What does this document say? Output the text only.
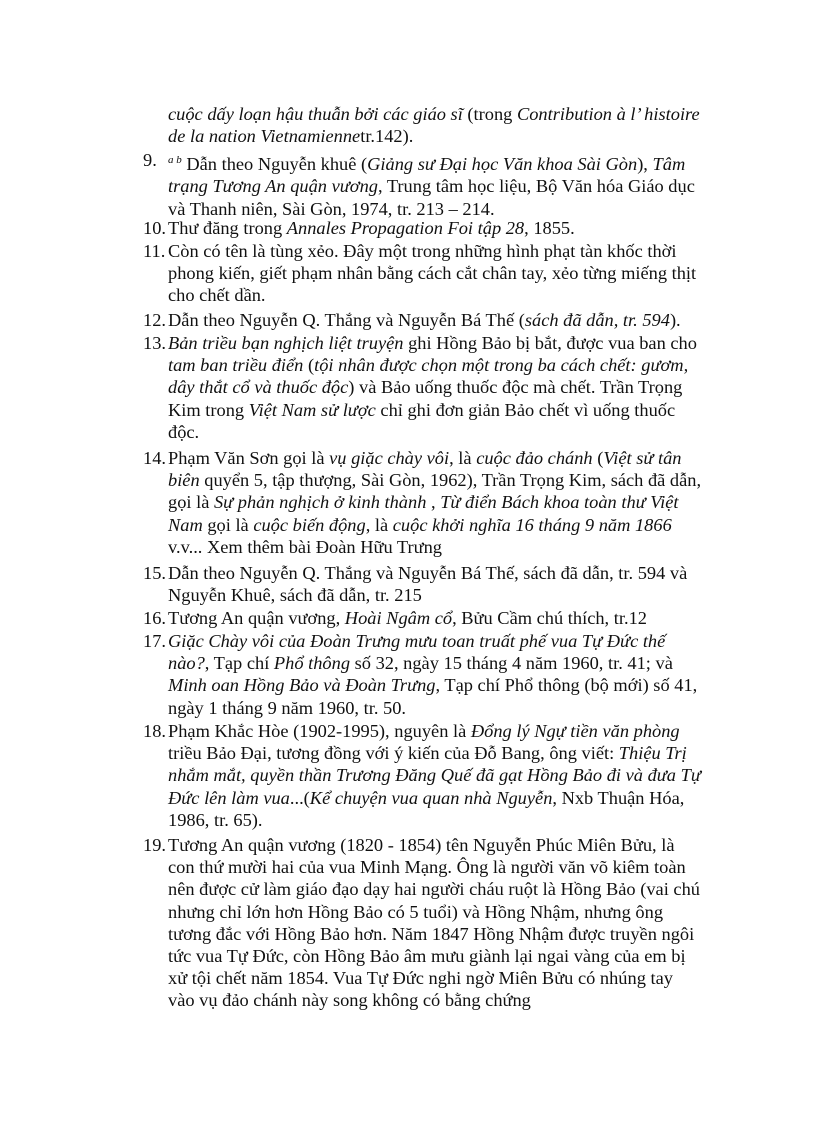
cuộc dấy loạn hậu thuẫn bởi các giáo sĩ (trong Contribution à l’ histoire de la nation Vietnamiennetr.142).
9.	$^{a b}$ Dẫn theo Nguyễn khuê (Giảng sư Đại học Văn khoa Sài Gòn), Tâm trạng Tương An quận vương, Trung tâm học liệu, Bộ Văn hóa Giáo dục và Thanh niên, Sài Gòn, 1974, tr. 213 – 214.
10. Thư đăng trong Annales Propagation Foi tập 28, 1855.
11. Còn có tên là tùng xẻo. Đây một trong những hình phạt tàn khốc thời phong kiến, giết phạm nhân bằng cách cắt chân tay, xẻo từng miếng thịt cho chết dần.
12. Dẫn theo Nguyễn Q. Thắng và Nguyễn Bá Thế (sách đã dẫn, tr. 594).
13. Bản triều bạn nghịch liệt truyện ghi Hồng Bảo bị bắt, được vua ban cho tam ban triều điển (tội nhân được chọn một trong ba cách chết: gươm, dây thắt cổ và thuốc độc) và Bảo uống thuốc độc mà chết. Trần Trọng Kim trong Việt Nam sử lược chỉ ghi đơn giản Bảo chết vì uống thuốc độc.
14. Phạm Văn Sơn gọi là vụ giặc chày vôi, là cuộc đảo chánh (Việt sử tân biên quyển 5, tập thượng, Sài Gòn, 1962), Trần Trọng Kim, sách đã dẫn, gọi là Sự phản nghịch ở kinh thành , Từ điển Bách khoa toàn thư Việt Nam gọi là cuộc biến động, là cuộc khởi nghĩa 16 tháng 9 năm 1866 v.v... Xem thêm bài Đoàn Hữu Trưng
15. Dẫn theo Nguyễn Q. Thắng và Nguyễn Bá Thế, sách đã dẫn, tr. 594 và Nguyễn Khuê, sách đã dẫn, tr. 215
16. Tương An quận vương, Hoài Ngâm cổ, Bửu Cầm chú thích, tr.12
17. Giặc Chày vôi của Đoàn Trưng mưu toan truất phế vua Tự Đức thế nào?, Tạp chí Phổ thông số 32, ngày 15 tháng 4 năm 1960, tr. 41; và Minh oan Hồng Bảo và Đoàn Trưng, Tạp chí Phổ thông (bộ mới) số 41, ngày 1 tháng 9 năm 1960, tr. 50.
18. Phạm Khắc Hòe (1902-1995), nguyên là Đổng lý Ngự tiền văn phòng triều Bảo Đại, tương đồng với ý kiến của Đỗ Bang, ông viết: Thiệu Trị nhắm mắt, quyền thần Trương Đăng Quế đã gạt Hồng Bảo đi và đưa Tự Đức lên làm vua...(Kể chuyện vua quan nhà Nguyễn, Nxb Thuận Hóa, 1986, tr. 65).
19. Tương An quận vương (1820 - 1854) tên Nguyễn Phúc Miên Bửu, là con thứ mười hai của vua Minh Mạng. Ông là người văn võ kiêm toàn nên được cử làm giáo đạo dạy hai người cháu ruột là Hồng Bảo (vai chú nhưng chỉ lớn hơn Hồng Bảo có 5 tuổi) và Hồng Nhậm, nhưng ông tương đắc với Hồng Bảo hơn. Năm 1847 Hồng Nhậm được truyền ngôi tức vua Tự Đức, còn Hồng Bảo âm mưu giành lại ngai vàng của em bị xử tội chết năm 1854. Vua Tự Đức nghi ngờ Miên Bửu có nhúng tay vào vụ đảo chánh này song không có bằng chứng
